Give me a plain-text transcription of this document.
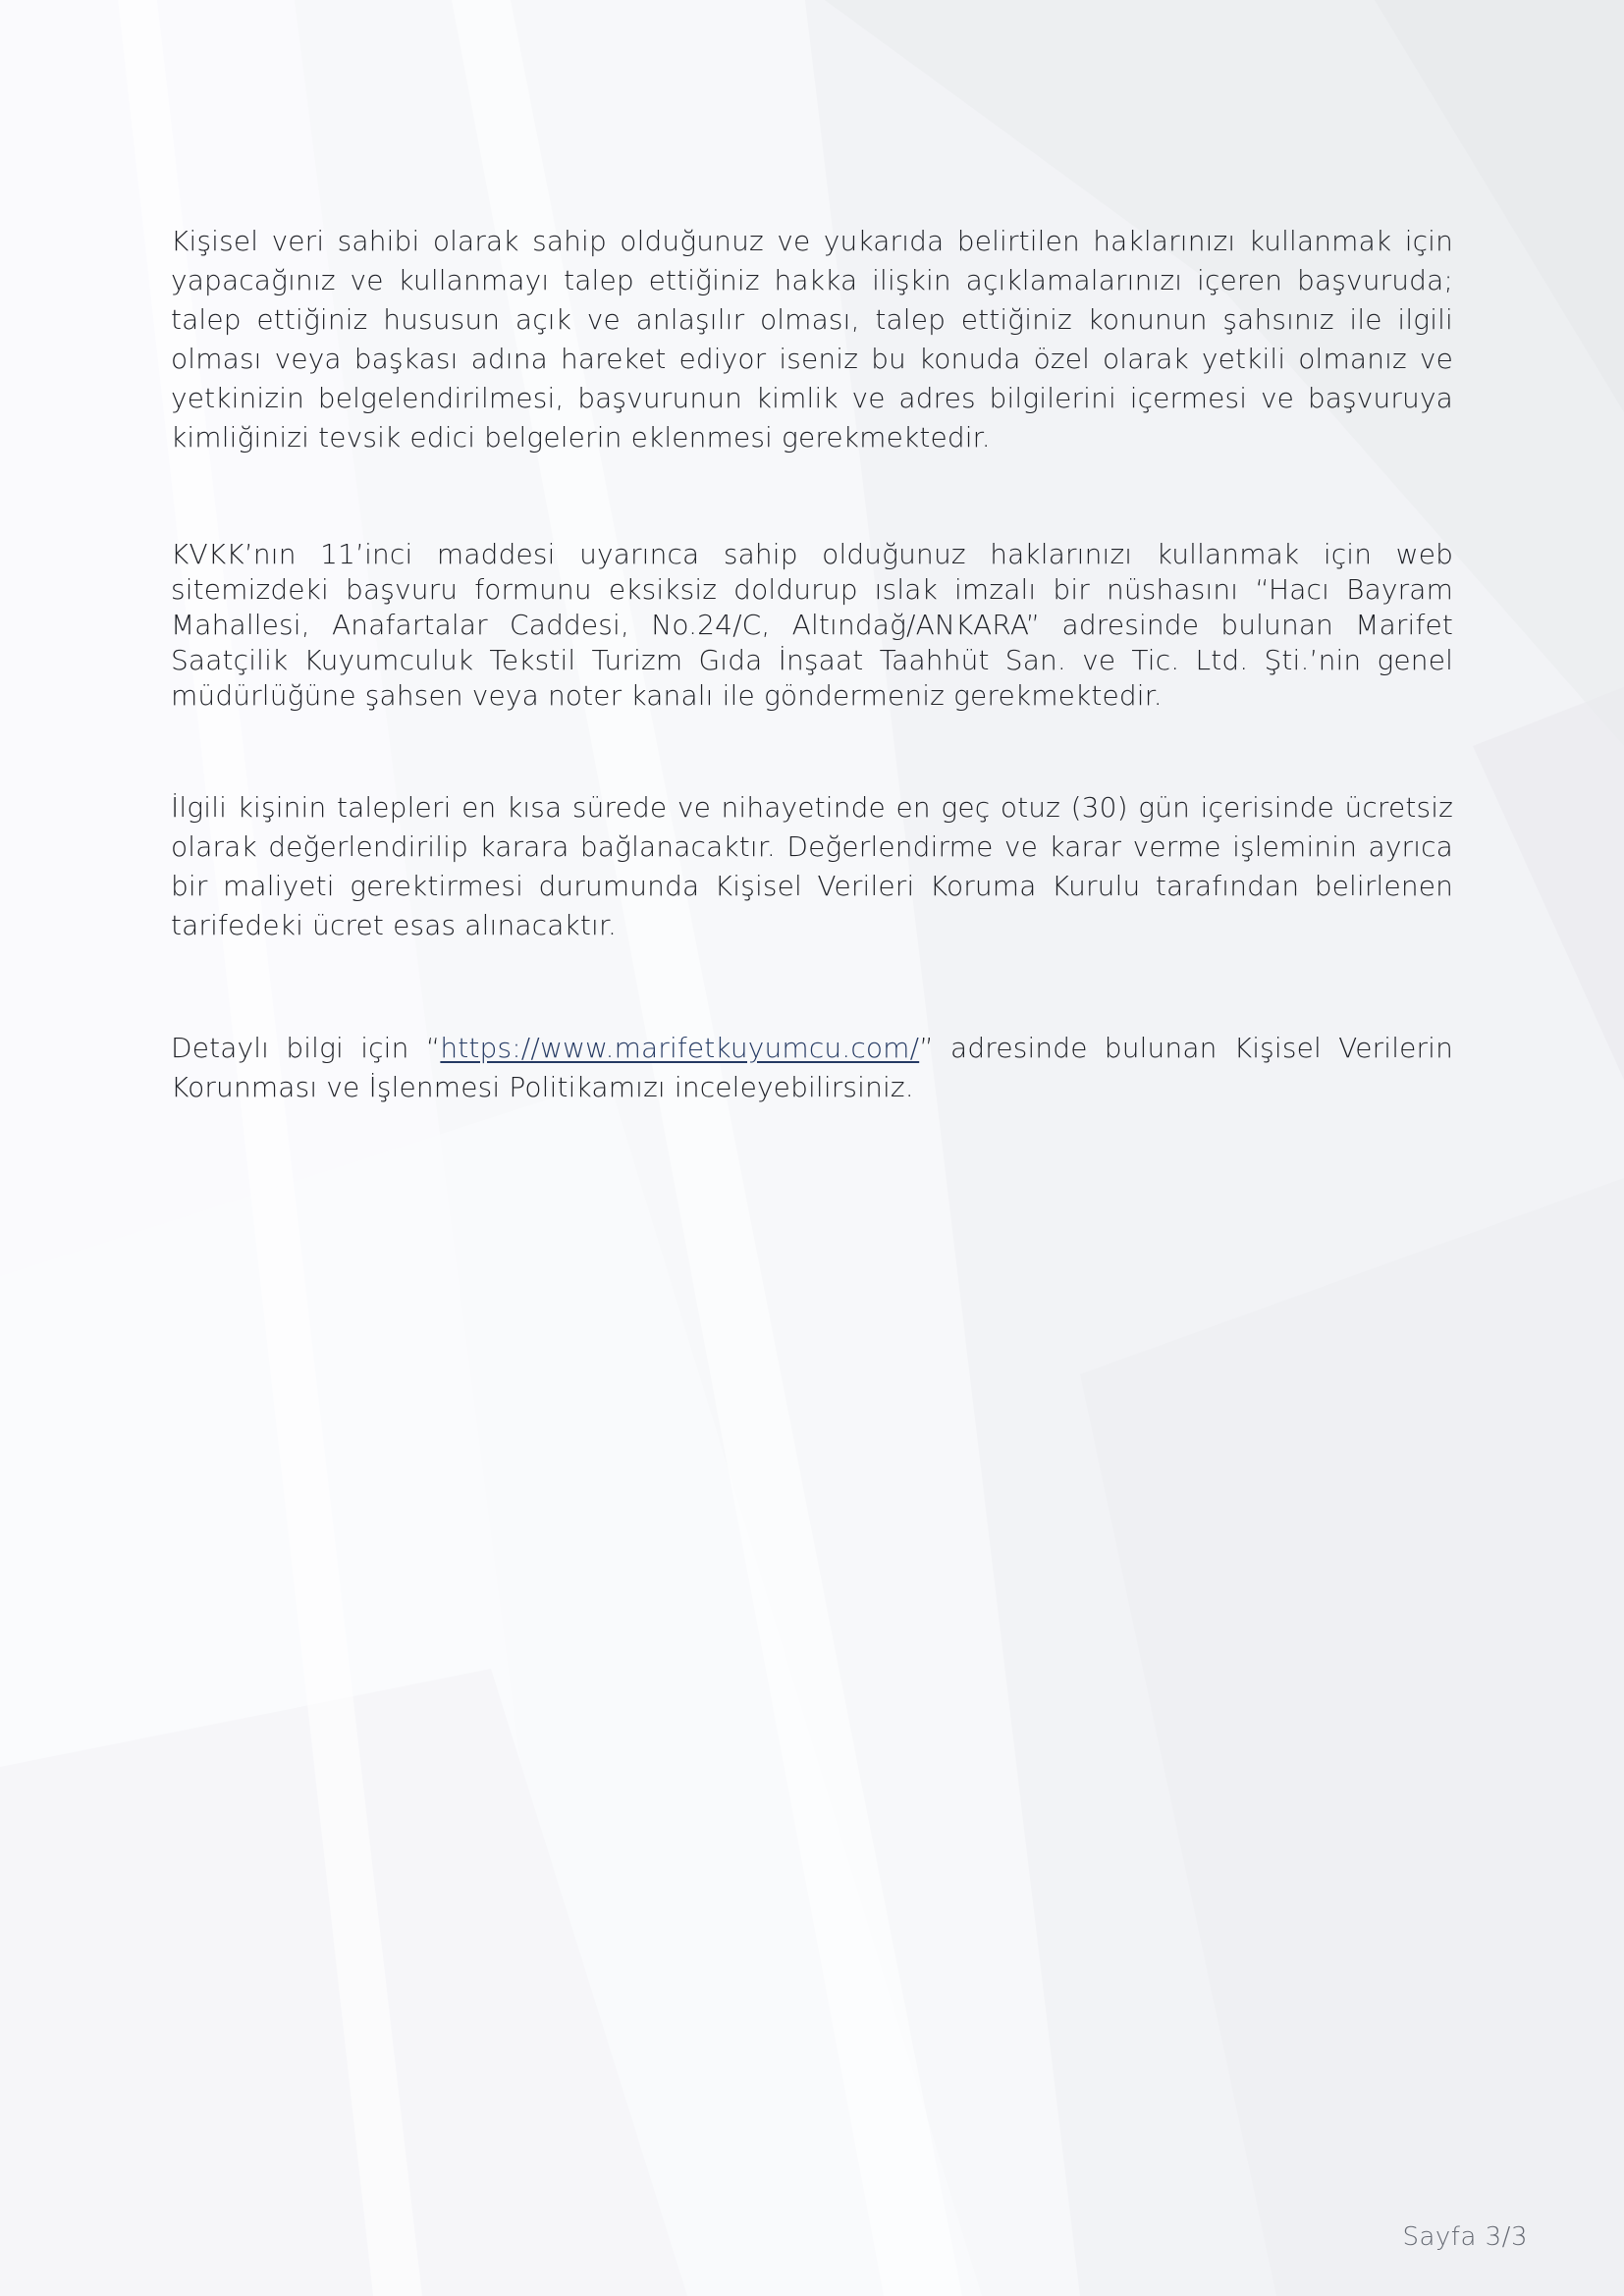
Kişisel veri sahibi olarak sahip olduğunuz ve yukarıda belirtilen haklarınızı kullanmak için yapacağınız ve kullanmayı talep ettiğiniz hakka ilişkin açıklamalarınızı içeren başvuruda; talep ettiğiniz hususun açık ve anlaşılır olması, talep ettiğiniz konunun şahsınız ile ilgili olması veya başkası adına hareket ediyor iseniz bu konuda özel olarak yetkili olmanız ve yetkinizin belgelendirilmesi, başvurunun kimlik ve adres bilgilerini içermesi ve başvuruya kimliğinizi tevsik edici belgelerin eklenmesi gerekmektedir.

KVKK’nın 11’inci maddesi uyarınca sahip olduğunuz haklarınızı kullanmak için web sitemizdeki başvuru formunu eksiksiz doldurup ıslak imzalı bir nüshasını “Hacı Bayram Mahallesi, Anafartalar Caddesi, No.24/C, Altındağ/ANKARA” adresinde bulunan Marifet Saatçilik Kuyumculuk Tekstil Turizm Gıda İnşaat Taahhüt San. ve Tic. Ltd. Şti.’nin genel müdürlüğüne şahsen veya noter kanalı ile göndermeniz gerekmektedir.

İlgili kişinin talepleri en kısa sürede ve nihayetinde en geç otuz (30) gün içerisinde ücretsiz olarak değerlendirilip karara bağlanacaktır. Değerlendirme ve karar verme işleminin ayrıca bir maliyeti gerektirmesi durumunda Kişisel Verileri Koruma Kurulu tarafından belirlenen tarifedeki ücret esas alınacaktır.

Detaylı bilgi için “https://www.marifetkuyumcu.com/” adresinde bulunan Kişisel Verilerin Korunması ve İşlenmesi Politikamızı inceleyebilirsiniz.

Sayfa 3/3
